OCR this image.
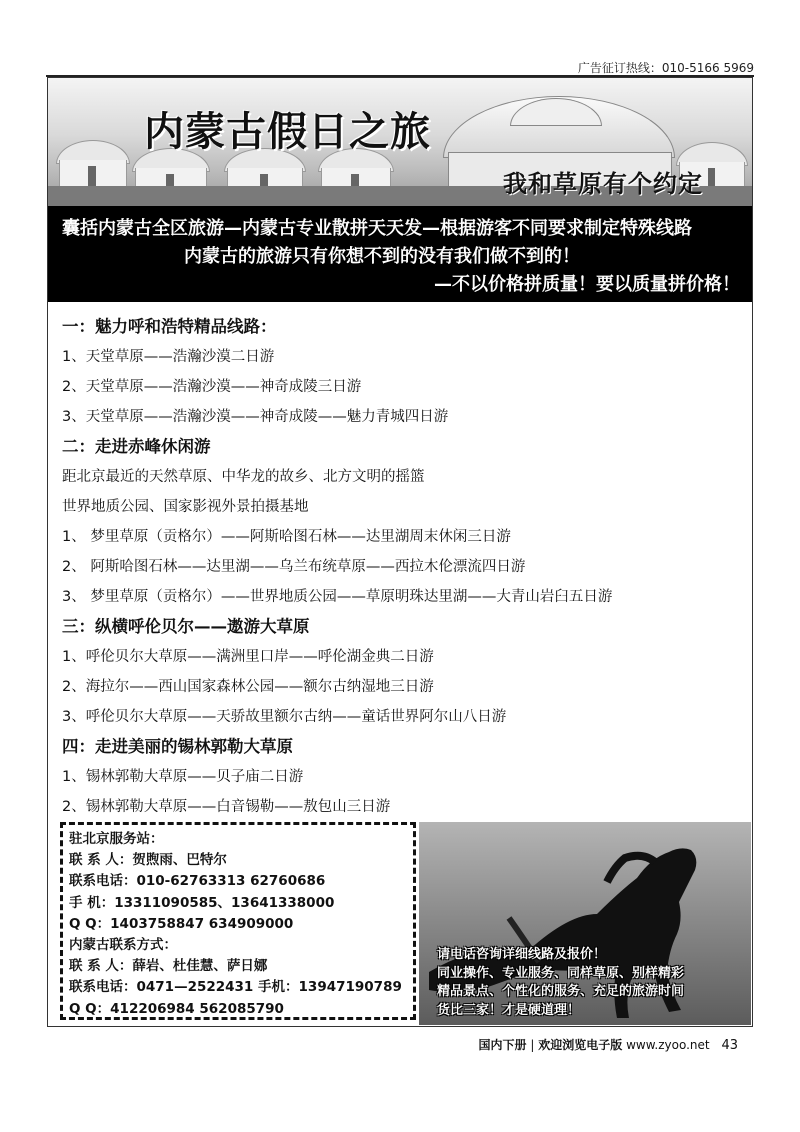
广告征订热线：010-5166 5969
内蒙古假日之旅
我和草原有个约定
囊括内蒙古全区旅游—内蒙古专业散拼天天发—根据游客不同要求制定特殊线路
内蒙古的旅游只有你想不到的没有我们做不到的！
—不以价格拼质量！要以质量拼价格！
一：魅力呼和浩特精品线路：
1、天堂草原——浩瀚沙漠二日游
2、天堂草原——浩瀚沙漠——神奇成陵三日游
3、天堂草原——浩瀚沙漠——神奇成陵——魅力青城四日游
二：走进赤峰休闲游
距北京最近的天然草原、中华龙的故乡、北方文明的摇篮
世界地质公园、国家影视外景拍摄基地
1、 梦里草原（贡格尔）——阿斯哈图石林——达里湖周末休闲三日游
2、 阿斯哈图石林——达里湖——乌兰布统草原——西拉木伦漂流四日游
3、 梦里草原（贡格尔）——世界地质公园——草原明珠达里湖——大青山岩臼五日游
三：纵横呼伦贝尔——遨游大草原
1、呼伦贝尔大草原——满洲里口岸——呼伦湖金典二日游
2、海拉尔——西山国家森林公园——额尔古纳湿地三日游
3、呼伦贝尔大草原——天骄故里额尔古纳——童话世界阿尔山八日游
四：走进美丽的锡林郭勒大草原
1、锡林郭勒大草原——贝子庙二日游
2、锡林郭勒大草原——白音锡勒——敖包山三日游
驻北京服务站：
联 系 人：贺煦雨、巴特尔
联系电话：010-62763313 62760686
手 机：13311090585、13641338000
Q Q：1403758847 634909000
内蒙古联系方式：
联 系 人：薛岩、杜佳慧、萨日娜
联系电话：0471—2522431 手机：13947190789
Q Q：412206984 562085790
请电话咨询详细线路及报价！
同业操作、专业服务、同样草原、别样精彩
精品景点、个性化的服务、充足的旅游时间
货比三家！才是硬道理！
国内下册 | 欢迎浏览电子版 www.zyoo.net 43
